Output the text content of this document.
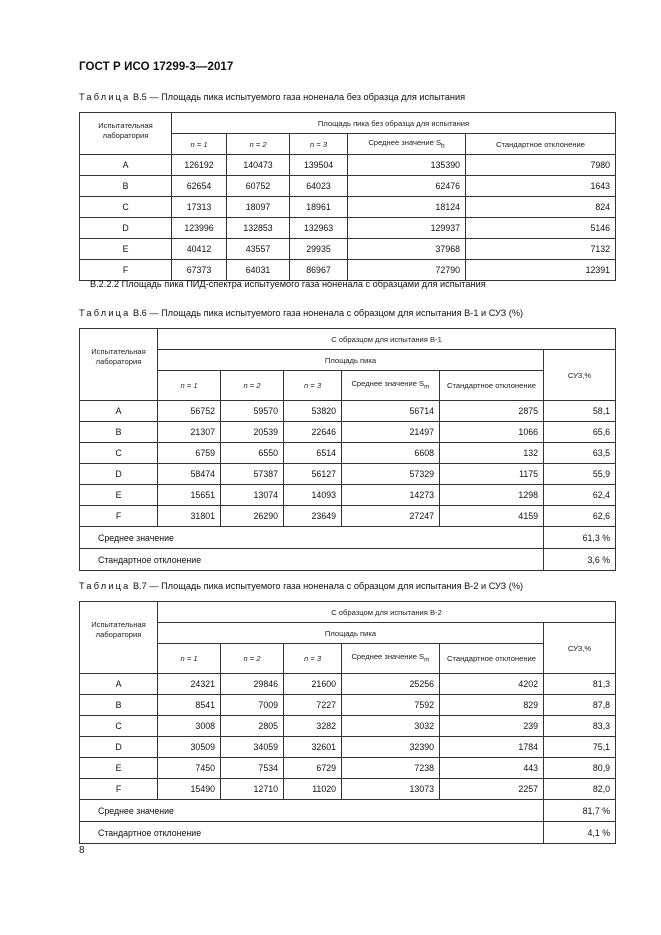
ГОСТ Р ИСО 17299-3—2017
Таблица В.5 — Площадь пика испытуемого газа ноненала без образца для испытания
Испытательная лаборатория	Площадь пика без образца для испытания				
	n = 1	n = 2	n = 3	Среднее значение $S_b$	Стандартное отклонение
A	126192	140473	139504	135390	7980
B	62654	60752	64023	62476	1643
C	17313	18097	18961	18124	824
D	123996	132853	132963	129937	5146
E	40412	43557	29935	37968	7132
F	67373	64031	86967	72790	12391
В.2.2.2 Площадь пика ПИД-спектра испытуемого газа ноненала с образцами для испытания
Таблица В.6 — Площадь пика испытуемого газа ноненала с образцом для испытания В-1 и СУЗ (%)
Испытательная лаборатория	С образцом для испытания В-1					
	Площадь пика					СУЗ,%
	n = 1	n = 2	n = 3	Среднее значение $S_m$	Стандартное отклонение	
A	56752	59570	53820	56714	2875	58,1
B	21307	20539	22646	21497	1066	65,6
C	6759	6550	6514	6608	132	63,5
D	58474	57387	56127	57329	1175	55,9
E	15651	13074	14093	14273	1298	62,4
F	31801	26290	23649	27247	4159	62,6
Среднее значение						61,3 %
Стандартное отклонение						3,6 %
Таблица В.7 — Площадь пика испытуемого газа ноненала с образцом для испытания В-2 и СУЗ (%)
Испытательная лаборатория	С образцом для испытания В-2					
	Площадь пика					СУЗ,%
	n = 1	n = 2	n = 3	Среднее значение $S_m$	Стандартное отклонение	
A	24321	29846	21600	25256	4202	81,3
B	8541	7009	7227	7592	829	87,8
C	3008	2805	3282	3032	239	83,3
D	30509	34059	32601	32390	1784	75,1
E	7450	7534	6729	7238	443	80,9
F	15490	12710	11020	13073	2257	82,0
Среднее значение						81,7 %
Стандартное отклонение						4,1 %
8
